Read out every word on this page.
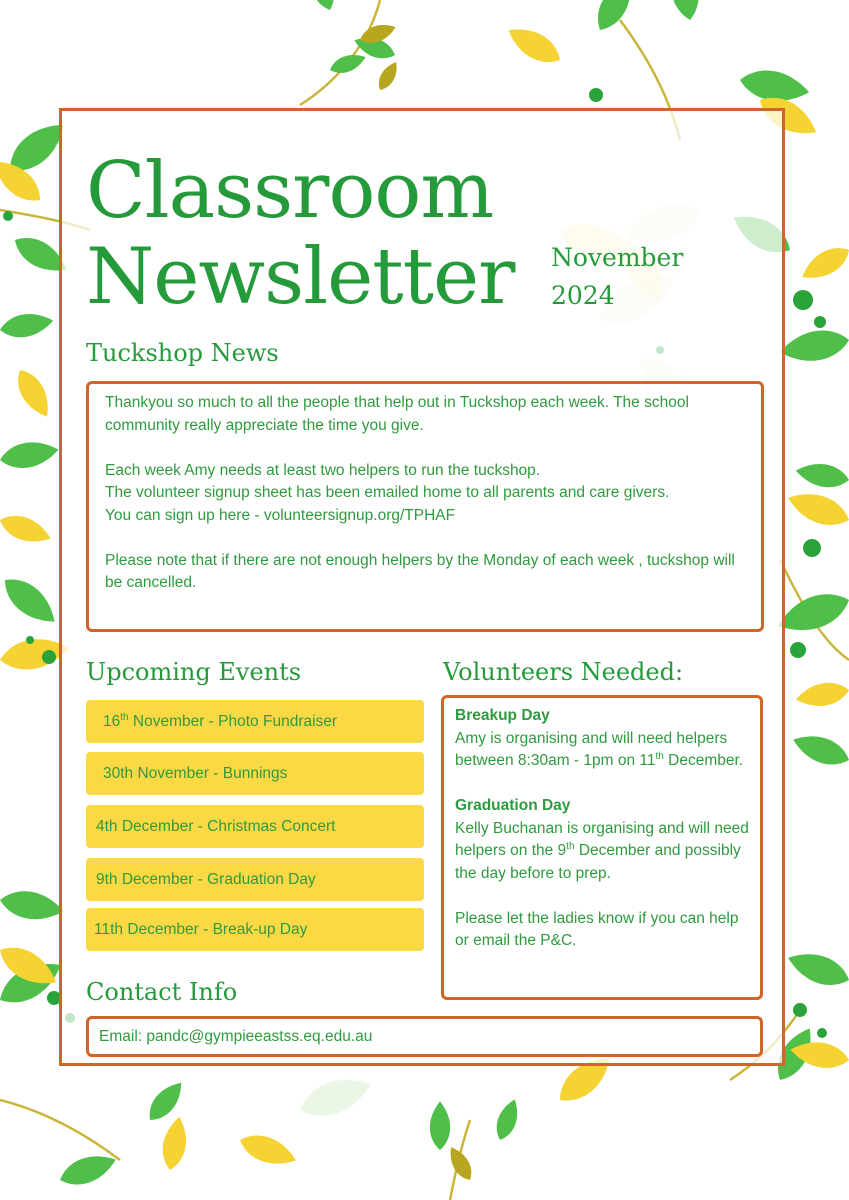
Classroom
Newsletter November
2024
Tuckshop News

Thankyou so much to all the people that help out in Tuckshop each week. The school community really appreciate the time you give.

Each week Amy needs at least two helpers to run the tuckshop.

The volunteer signup sheet has been emailed home to all parents and care givers.

You can sign up here - volunteersignup.org/TPHAF

Please note that if there are not enough helpers by the Monday of each week , tuckshop will be cancelled.

Upcoming Events
16th November - Photo Fundraiser
30th November - Bunnings
4th December - Christmas Concert
9th December - Graduation Day
11th December - Break-up Day
Volunteers Needed:

Breakup Day

Amy is organising and will need helpers between 8:30am - 1pm on 11th December.

Graduation Day

Kelly Buchanan is organising and will need helpers on the 9th December and possibly the day before to prep.

Please let the ladies know if you can help or email the P&C.

Contact Info
Email: pandc@gympieeastss.eq.edu.au
